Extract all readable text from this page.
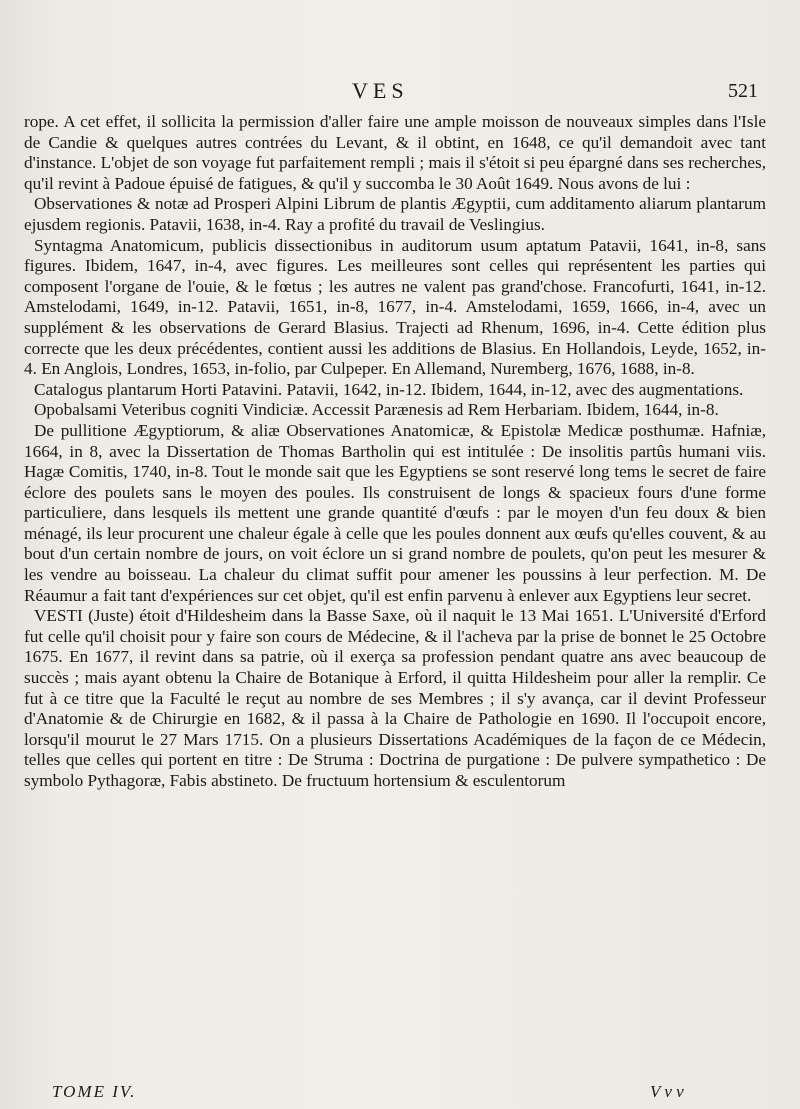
VES	521

rope. A cet effet, il sollicita la permission d'aller faire une ample moisson de nouveaux simples dans l'Isle de Candie & quelques autres contrées du Levant, & il obtint, en 1648, ce qu'il demandoit avec tant d'instance. L'objet de son voyage fut parfaitement rempli ; mais il s'étoit si peu épargné dans ses recherches, qu'il revint à Padoue épuisé de fatigues, & qu'il y succomba le 30 Août 1649. Nous avons de lui :

Observationes & notæ ad Prosperi Alpini Librum de plantis Ægyptii, cum additamento aliarum plantarum ejusdem regionis. Patavii, 1638, in-4. Ray a profité du travail de Veslingius.

Syntagma Anatomicum, publicis dissectionibus in auditorum usum aptatum Patavii, 1641, in-8, sans figures. Ibidem, 1647, in-4, avec figures. Les meilleures sont celles qui représentent les parties qui composent l'organe de l'ouie, & le fœtus ; les autres ne valent pas grand'chose. Francofurti, 1641, in-12. Amstelodami, 1649, in-12. Patavii, 1651, in-8, 1677, in-4. Amstelodami, 1659, 1666, in-4, avec un supplément & les observations de Gerard Blasius. Trajecti ad Rhenum, 1696, in-4. Cette édition plus correcte que les deux précédentes, contient aussi les additions de Blasius. En Hollandois, Leyde, 1652, in-4. En Anglois, Londres, 1653, in-folio, par Culpeper. En Allemand, Nuremberg, 1676, 1688, in-8.

Catalogus plantarum Horti Patavini. Patavii, 1642, in-12. Ibidem, 1644, in-12, avec des augmentations.

Opobalsami Veteribus cogniti Vindiciæ. Accessit Parænesis ad Rem Herbariam. Ibidem, 1644, in-8.

De pullitione Ægyptiorum, & aliæ Observationes Anatomicæ, & Epistolæ Medicæ posthumæ. Hafniæ, 1664, in 8, avec la Dissertation de Thomas Bartholin qui est intitulée : De insolitis partûs humani viis. Hagæ Comitis, 1740, in-8. Tout le monde sait que les Egyptiens se sont reservé long tems le secret de faire éclore des poulets sans le moyen des poules. Ils construisent de longs & spacieux fours d'une forme particuliere, dans lesquels ils mettent une grande quantité d'œufs : par le moyen d'un feu doux & bien ménagé, ils leur procurent une chaleur égale à celle que les poules donnent aux œufs qu'elles couvent, & au bout d'un certain nombre de jours, on voit éclore un si grand nombre de poulets, qu'on peut les mesurer & les vendre au boisseau. La chaleur du climat suffit pour amener les poussins à leur perfection. M. De Réaumur a fait tant d'expériences sur cet objet, qu'il est enfin parvenu à enlever aux Egyptiens leur secret.

VESTI (Juste) étoit d'Hildesheim dans la Basse Saxe, où il naquit le 13 Mai 1651. L'Université d'Erford fut celle qu'il choisit pour y faire son cours de Médecine, & il l'acheva par la prise de bonnet le 25 Octobre 1675. En 1677, il revint dans sa patrie, où il exerça sa profession pendant quatre ans avec beaucoup de succès ; mais ayant obtenu la Chaire de Botanique à Erford, il quitta Hildesheim pour aller la remplir. Ce fut à ce titre que la Faculté le reçut au nombre de ses Membres ; il s'y avança, car il devint Professeur d'Anatomie & de Chirurgie en 1682, & il passa à la Chaire de Pathologie en 1690. Il l'occupoit encore, lorsqu'il mourut le 27 Mars 1715. On a plusieurs Dissertations Académiques de la façon de ce Médecin, telles que celles qui portent en titre : De Struma : Doctrina de purgatione : De pulvere sympathetico : De symbolo Pythagoræ, Fabis abstineto. De fructuum hortensium & esculentorum

TOME IV.	V v v
